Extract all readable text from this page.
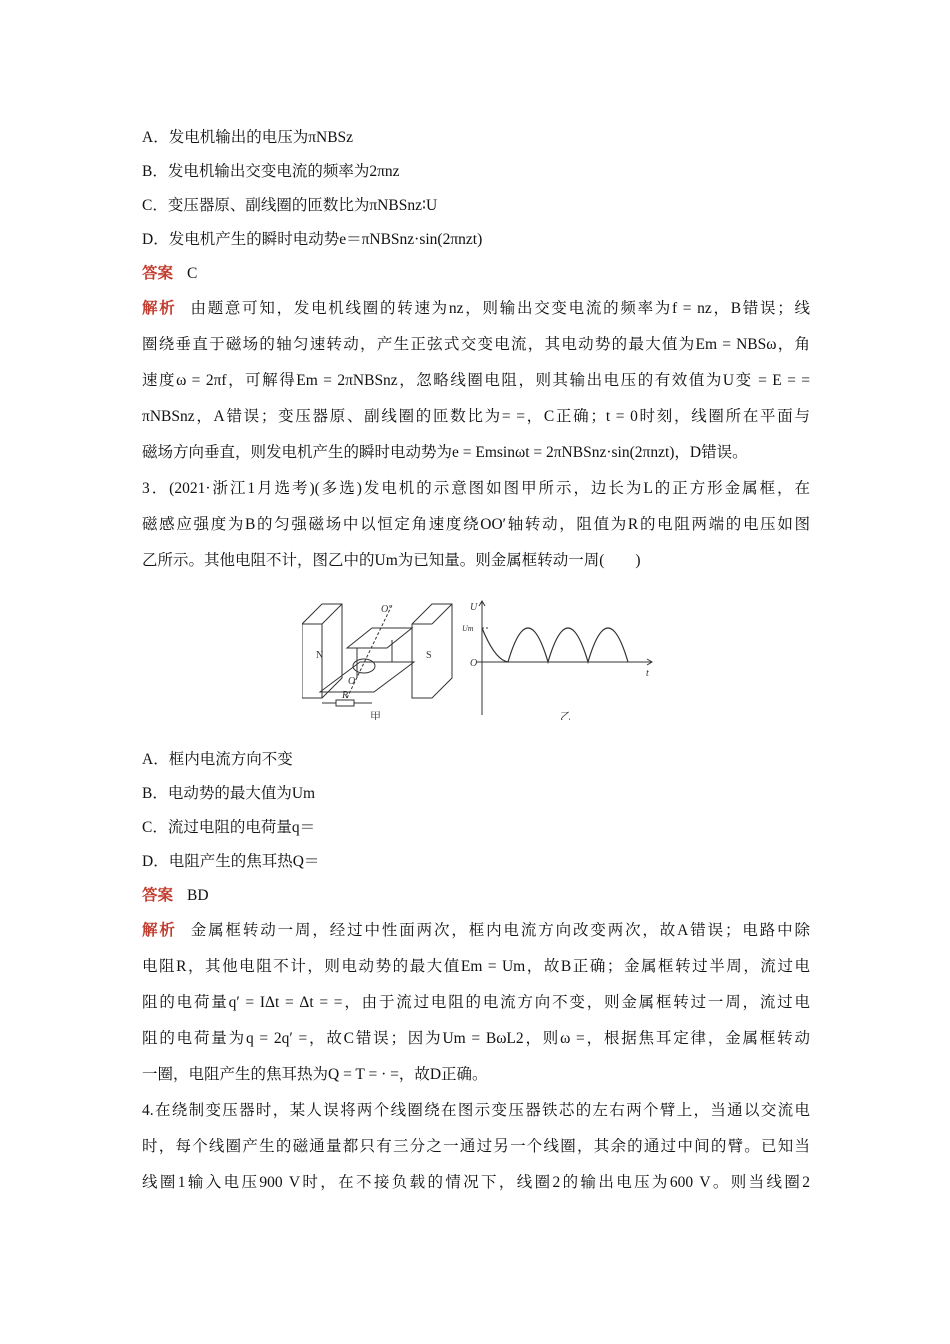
A．发电机输出的电压为πNBSz
B．发电机输出交变电流的频率为2πnz
C．变压器原、副线圈的匝数比为πNBSnz∶U
D．发电机产生的瞬时电动势e＝πNBSnz·sin(2πnzt)
答案 C
解析 由题意可知，发电机线圈的转速为nz，则输出交变电流的频率为f = nz，B错误；线
圈绕垂直于磁场的轴匀速转动，产生正弦式交变电流，其电动势的最大值为Em = NBSω，角
速度ω = 2πf，可解得Em = 2πNBSnz，忽略线圈电阻，则其输出电压的有效值为U变 = E = =
πNBSnz，A错误；变压器原、副线圈的匝数比为= =，C正确；t = 0时刻，线圈所在平面与
磁场方向垂直，则发电机产生的瞬时电动势为e = Emsinωt = 2πNBSnz·sin(2πnzt)，D错误。
3．(2021·浙江1月选考)(多选)发电机的示意图如图甲所示，边长为L的正方形金属框，在
磁感应强度为B的匀强磁场中以恒定角速度绕OO′轴转动，阻值为R的电阻两端的电压如图
乙所示。其他电阻不计，图乙中的Um为已知量。则金属框转动一周(　　)
N	S
O′
O
R
甲
U
Um
O
t
乙
A．框内电流方向不变
B．电动势的最大值为Um
C．流过电阻的电荷量q＝
D．电阻产生的焦耳热Q＝
答案 BD
解析 金属框转动一周，经过中性面两次，框内电流方向改变两次，故A错误；电路中除
电阻R，其他电阻不计，则电动势的最大值Em = Um，故B正确；金属框转过半周，流过电
阻的电荷量q′ = IΔt = Δt = =，由于流过电阻的电流方向不变，则金属框转过一周，流过电
阻的电荷量为q = 2q′ =，故C错误；因为Um = BωL2，则ω =，根据焦耳定律，金属框转动
一圈，电阻产生的焦耳热为Q = T = · =，故D正确。
4.在绕制变压器时，某人误将两个线圈绕在图示变压器铁芯的左右两个臂上，当通以交流电
时，每个线圈产生的磁通量都只有三分之一通过另一个线圈，其余的通过中间的臂。已知当
线圈1输入电压900 V时，在不接负载的情况下，线圈2的输出电压为600 V。则当线圈2
